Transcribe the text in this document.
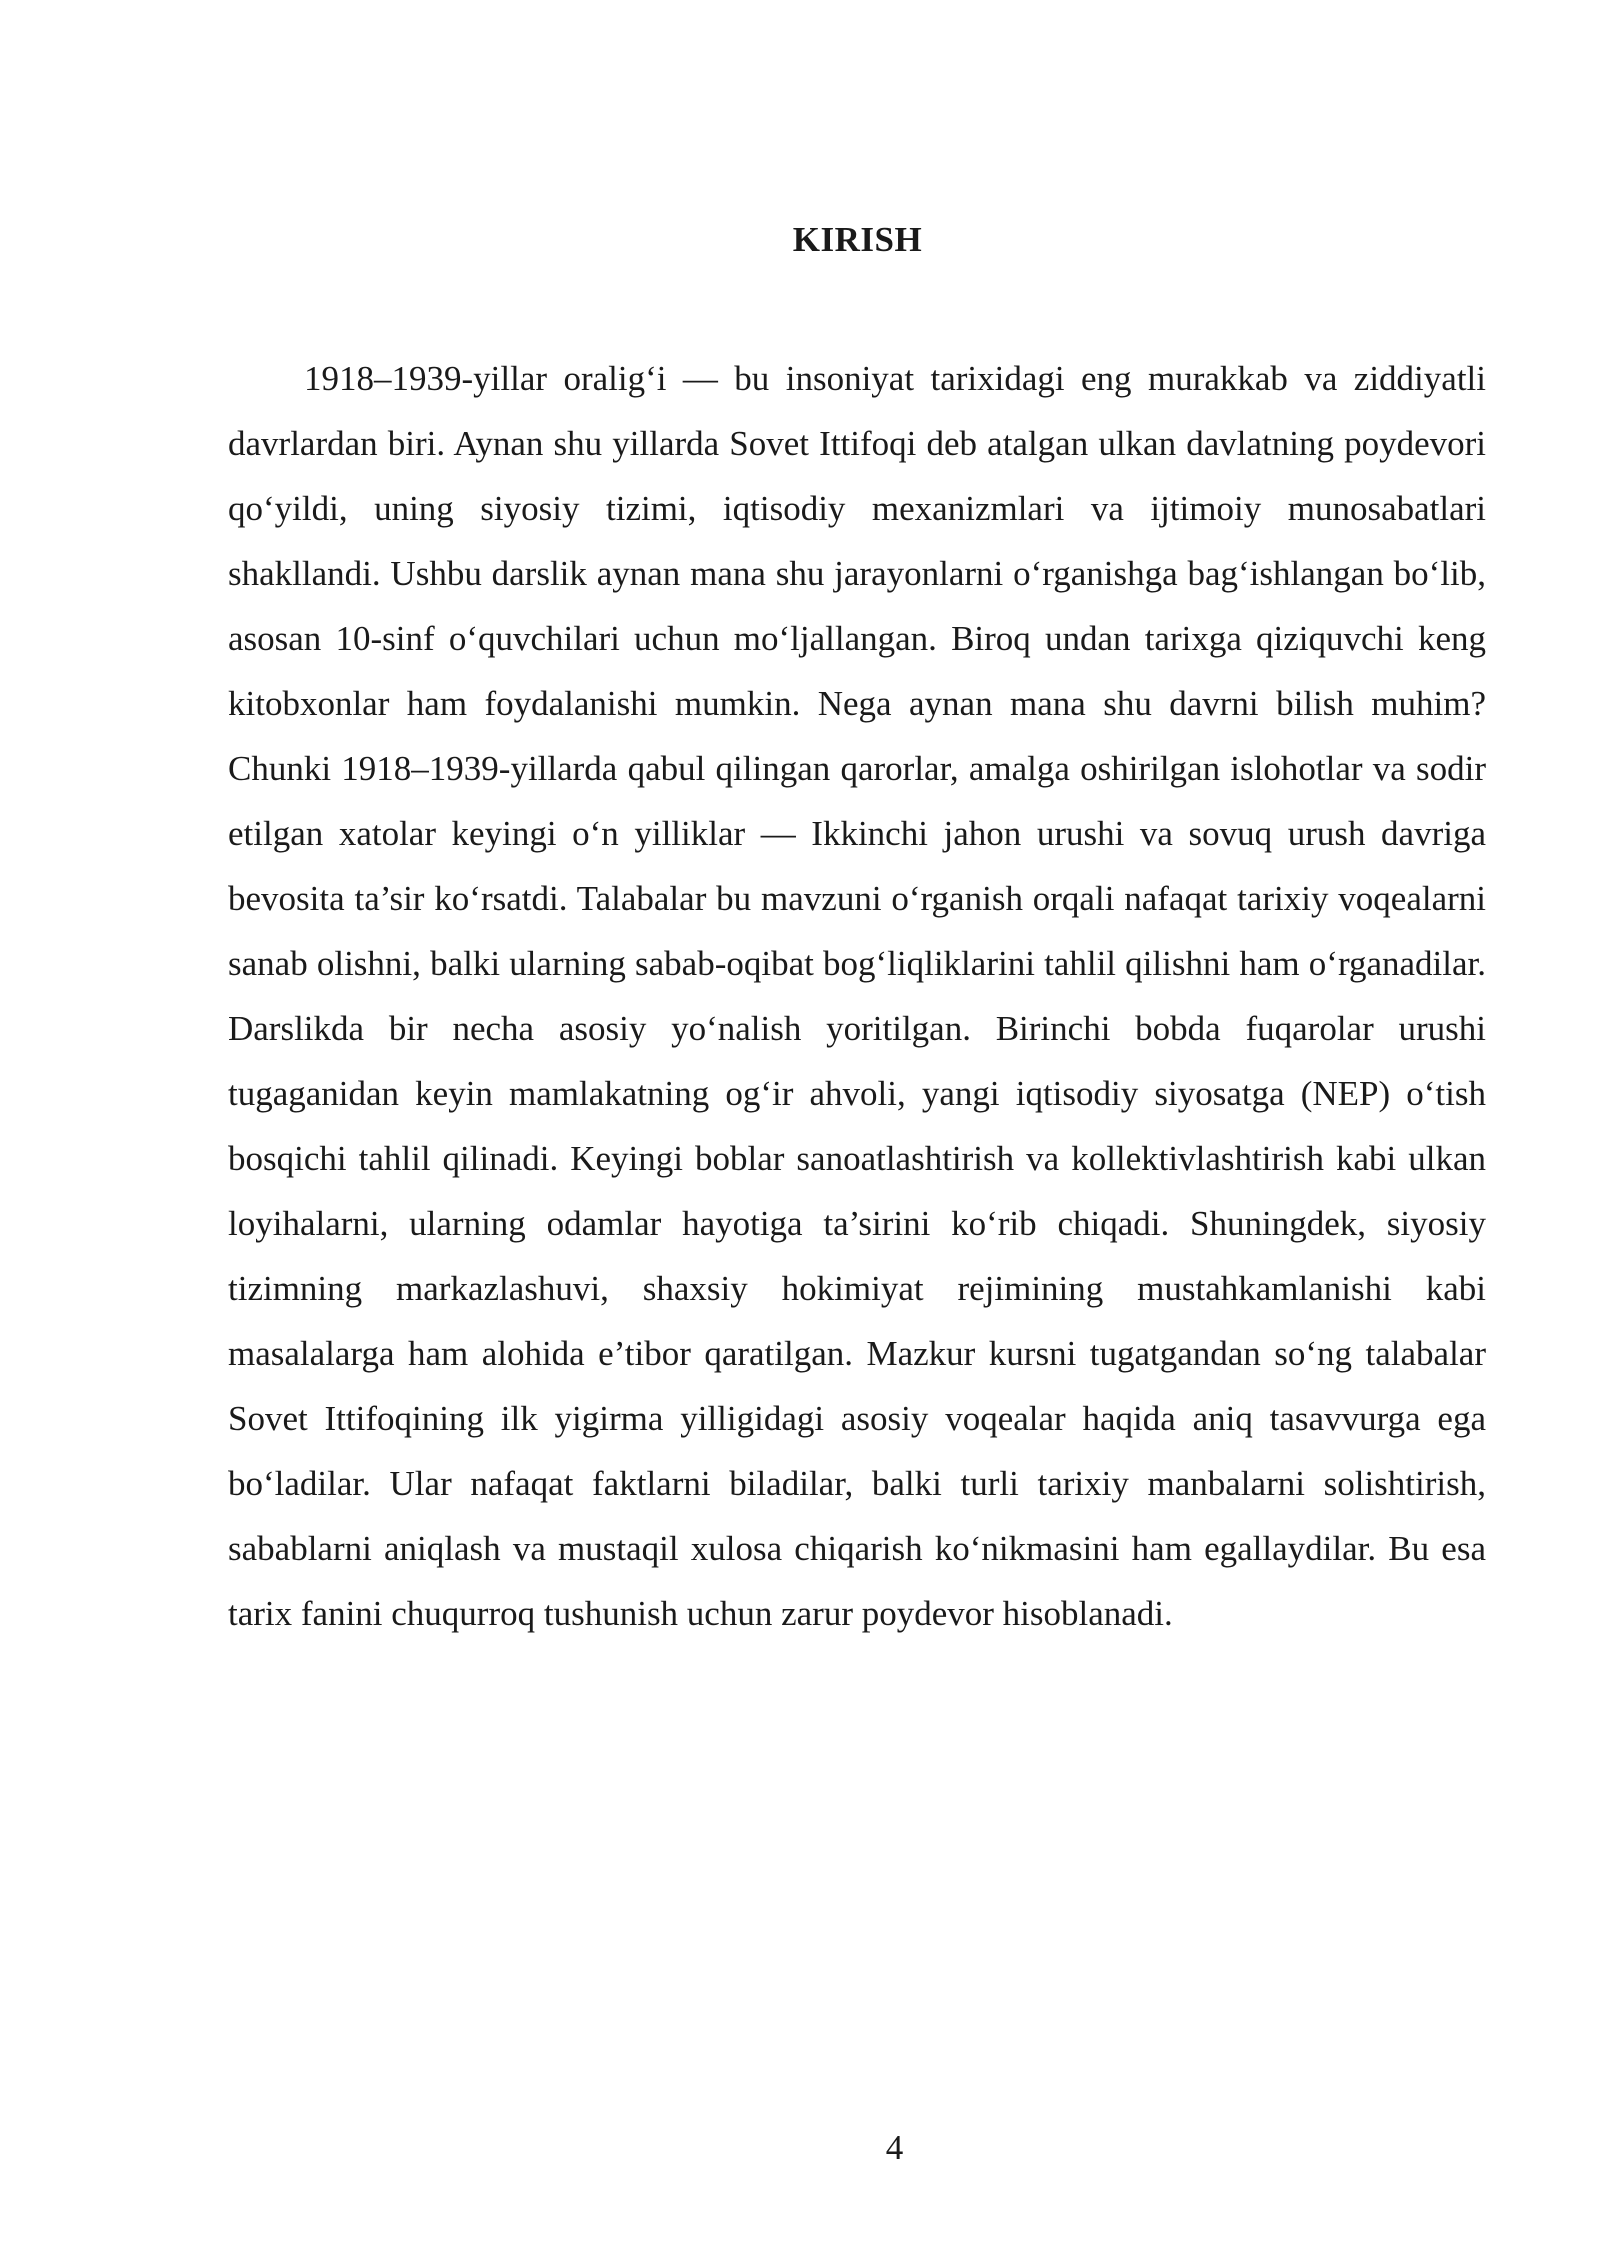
KIRISH

1918–1939-yillar oralig‘i — bu insoniyat tarixidagi eng murakkab va ziddiyatli davrlardan biri. Aynan shu yillarda Sovet Ittifoqi deb atalgan ulkan davlatning poydevori qo‘yildi, uning siyosiy tizimi, iqtisodiy mexanizmlari va ijtimoiy munosabatlari shakllandi. Ushbu darslik aynan mana shu jarayonlarni o‘rganishga bag‘ishlangan bo‘lib, asosan 10-sinf o‘quvchilari uchun mo‘ljallangan. Biroq undan tarixga qiziquvchi keng kitobxonlar ham foydalanishi mumkin. Nega aynan mana shu davrni bilish muhim? Chunki 1918–1939-yillarda qabul qilingan qarorlar, amalga oshirilgan islohotlar va sodir etilgan xatolar keyingi o‘n yilliklar — Ikkinchi jahon urushi va sovuq urush davriga bevosita ta’sir ko‘rsatdi. Talabalar bu mavzuni o‘rganish orqali nafaqat tarixiy voqealarni sanab olishni, balki ularning sabab-oqibat bog‘liqliklarini tahlil qilishni ham o‘rganadilar. Darslikda bir necha asosiy yo‘nalish yoritilgan. Birinchi bobda fuqarolar urushi tugaganidan keyin mamlakatning og‘ir ahvoli, yangi iqtisodiy siyosatga (NEP) o‘tish bosqichi tahlil qilinadi. Keyingi boblar sanoatlashtirish va kollektivlashtirish kabi ulkan loyihalarni, ularning odamlar hayotiga ta’sirini ko‘rib chiqadi. Shuningdek, siyosiy tizimning markazlashuvi, shaxsiy hokimiyat rejimining mustahkamlanishi kabi masalalarga ham alohida e’tibor qaratilgan. Mazkur kursni tugatgandan so‘ng talabalar Sovet Ittifoqining ilk yigirma yilligidagi asosiy voqealar haqida aniq tasavvurga ega bo‘ladilar. Ular nafaqat faktlarni biladilar, balki turli tarixiy manbalarni solishtirish, sabablarni aniqlash va mustaqil xulosa chiqarish ko‘nikmasini ham egallaydilar. Bu esa tarix fanini chuqurroq tushunish uchun zarur poydevor hisoblanadi.

4
